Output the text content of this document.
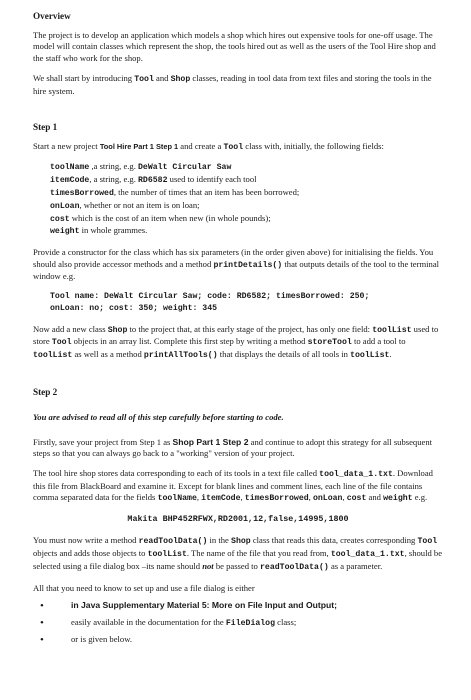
Overview

The project is to develop an application which models a shop which hires out expensive tools for one-off usage. The model will contain classes which represent the shop, the tools hired out as well as the users of the Tool Hire shop and the staff who work for the shop.

We shall start by introducing Tool and Shop classes, reading in tool data from text files and storing the tools in the hire system.

Step 1

Start a new project Tool Hire Part 1 Step 1 and create a Tool class with, initially, the following fields:

toolName ,a string, e.g. DeWalt Circular Saw
itemCode, a string, e.g. RD6582 used to identify each tool
timesBorrowed, the number of times that an item has been borrowed;
onLoan, whether or not an item is on loan;
cost which is the cost of an item when new (in whole pounds);
weight in whole grammes.

Provide a constructor for the class which has six parameters (in the order given above) for initialising the fields. You should also provide accessor methods and a method printDetails() that outputs details of the tool to the terminal window e.g.

Tool name: DeWalt Circular Saw; code: RD6582; timesBorrowed: 250;
onLoan: no; cost: 350; weight: 345

Now add a new class Shop to the project that, at this early stage of the project, has only one field: toolList used to store Tool objects in an array list. Complete this first step by writing a method storeTool to add a tool to toolList as well as a method printAllTools() that displays the details of all tools in toolList.

Step 2

You are advised to read all of this step carefully before starting to code.

Firstly, save your project from Step 1 as Shop Part 1 Step 2 and continue to adopt this strategy for all subsequent steps so that you can always go back to a "working" version of your project.

The tool hire shop stores data corresponding to each of its tools in a text file called tool_data_1.txt. Download this file from BlackBoard and examine it. Except for blank lines and comment lines, each line of the file contains comma separated data for the fields toolName, itemCode, timesBorrowed, onLoan, cost and weight e.g.

Makita BHP452RFWX,RD2001,12,false,14995,1800

You must now write a method readToolData() in the Shop class that reads this data, creates corresponding Tool objects and adds those objects to toolList. The name of the file that you read from, tool_data_1.txt, should be selected using a file dialog box –its name should not be passed to readToolData() as a parameter.

All that you need to know to set up and use a file dialog is either

• in Java Supplementary Material 5: More on File Input and Output;
• easily available in the documentation for the FileDialog class;
• or is given below.
